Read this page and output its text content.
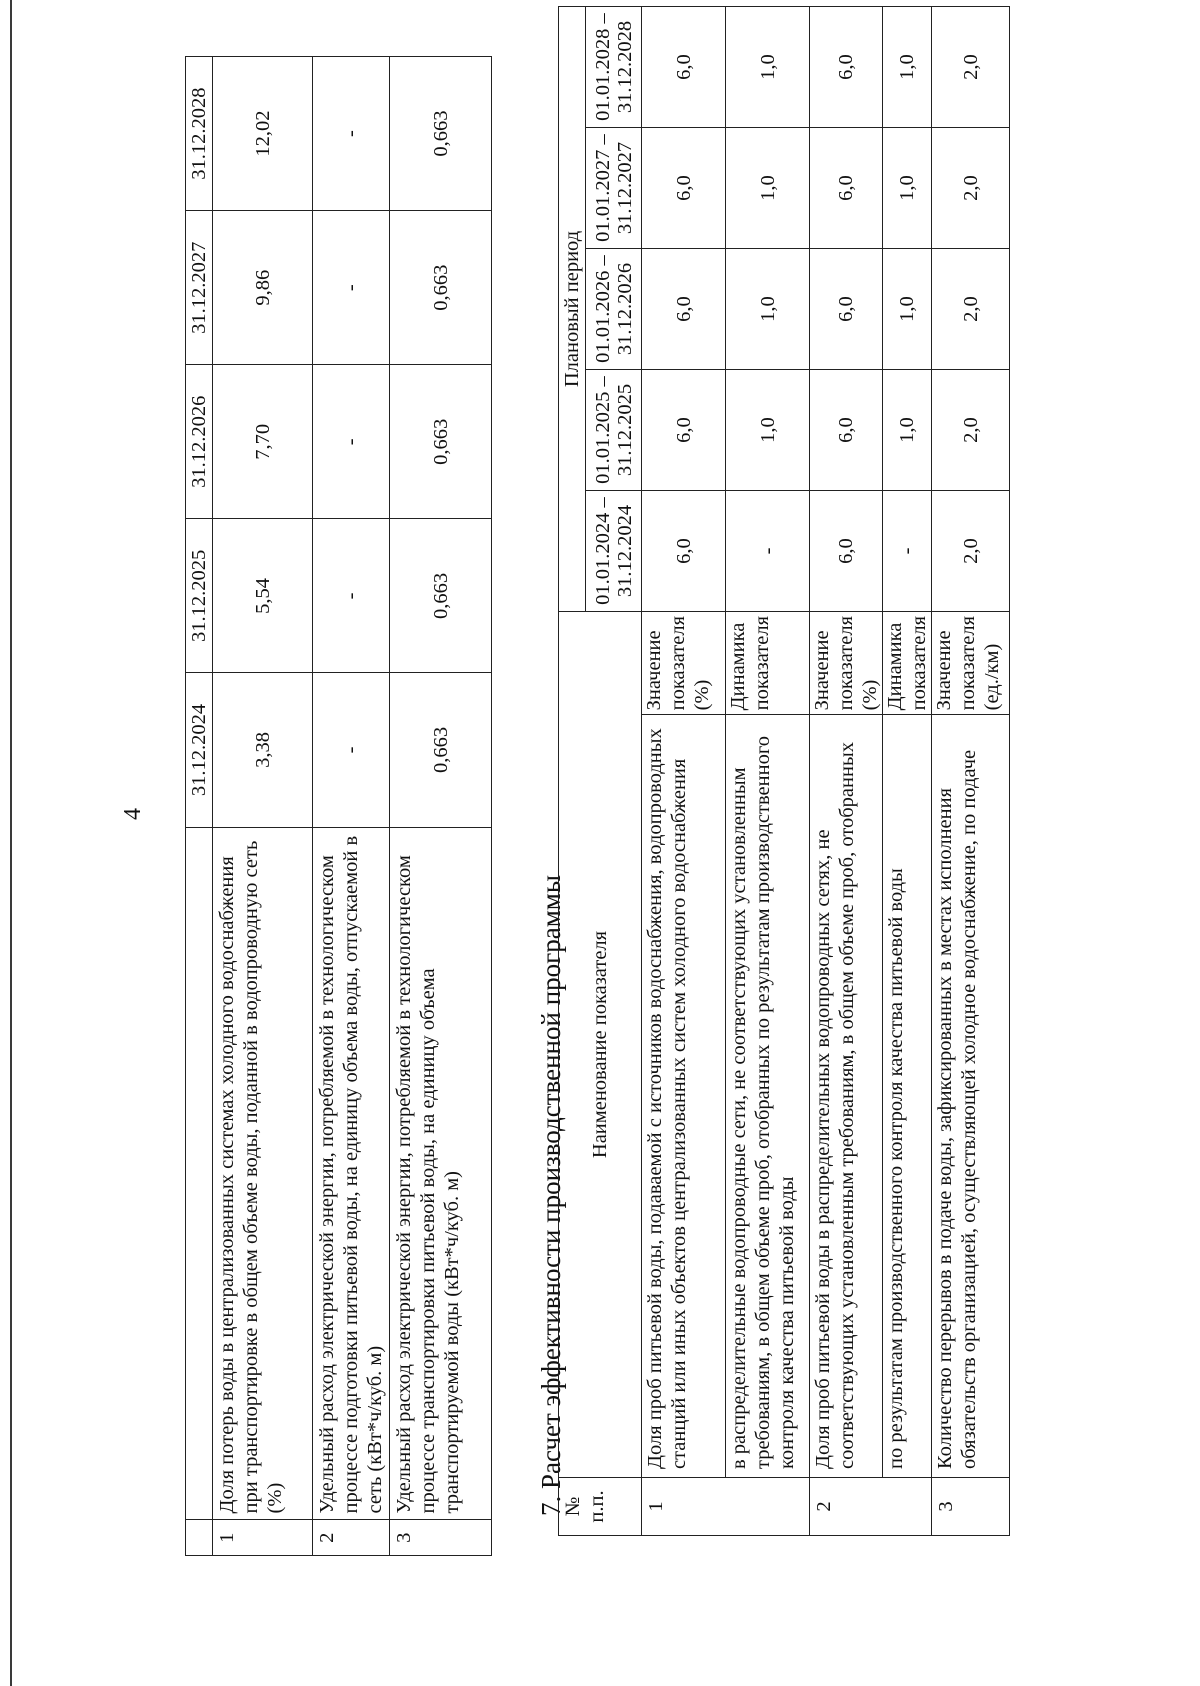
4
		31.12.2024	31.12.2025	31.12.2026	31.12.2027	31.12.2028
1	Доля потерь воды в централизованных системах холодного водоснабжения при транспортировке в общем объеме воды, поданной в водопроводную сеть (%)	3,38	5,54	7,70	9,86	12,02
2	Удельный расход электрической энергии, потребляемой в технологическом процессе подготовки питьевой воды, на единицу объема воды, отпускаемой в сеть (кВт*ч/куб. м)	-	-	-	-	-
3	Удельный расход электрической энергии, потребляемой в технологическом процессе транспортировки питьевой воды, на единицу объема транспортируемой воды (кВт*ч/куб. м)	0,663	0,663	0,663	0,663	0,663
7. Расчет эффективности производственной программы
№ п.п.	Наименование показателя		Плановый период				
			01.01.2024 – 31.12.2024	01.01.2025 – 31.12.2025	01.01.2026 – 31.12.2026	01.01.2027 – 31.12.2027	01.01.2028 – 31.12.2028
1	Доля проб питьевой воды, подаваемой с источников водоснабжения, водопроводных станций или иных объектов централизованных систем холодного водоснабжения	Значение показателя (%)	6,0	6,0	6,0	6,0	6,0
	в распределительные водопроводные сети, не соответствующих установленным требованиям, в общем объеме проб, отобранных по результатам производственного контроля качества питьевой воды	Динамика показателя	-	1,0	1,0	1,0	1,0
2	Доля проб питьевой воды в распределительных водопроводных сетях, не соответствующих установленным требованиям, в общем объеме проб, отобранных	Значение показателя (%)	6,0	6,0	6,0	6,0	6,0
	по результатам производственного контроля качества питьевой воды	Динамика показателя	-	1,0	1,0	1,0	1,0
3	Количество перерывов в подаче воды, зафиксированных в местах исполнения обязательств организацией, осуществляющей холодное водоснабжение, по подаче	Значение показателя (ед./км)	2,0	2,0	2,0	2,0	2,0
